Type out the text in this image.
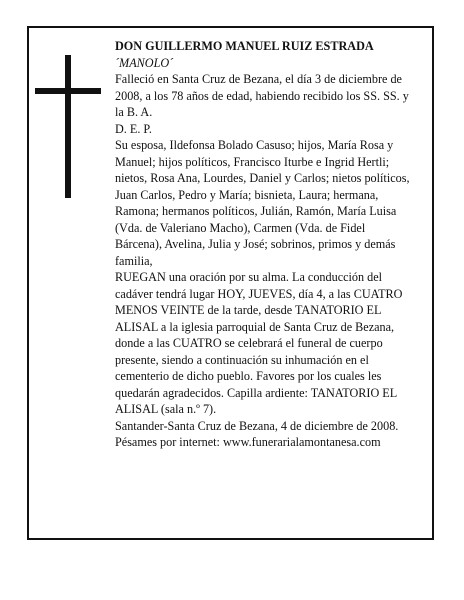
DON GUILLERMO MANUEL RUIZ ESTRADA

´MANOLO´

Falleció en Santa Cruz de Bezana, el día 3 de diciembre de 2008, a los 78 años de edad, habiendo recibido los SS. SS. y la B. A.

D. E. P.

Su esposa, Ildefonsa Bolado Casuso; hijos, María Rosa y Manuel; hijos políticos, Francisco Iturbe e Ingrid Hertli; nietos, Rosa Ana, Lourdes, Daniel y Carlos; nietos políticos, Juan Carlos, Pedro y María; bisnieta, Laura; hermana, Ramona; hermanos políticos, Julián, Ramón, María Luisa (Vda. de Valeriano Macho), Carmen (Vda. de Fidel Bárcena), Avelina, Julia y José; sobrinos, primos y demás familia,

RUEGAN una oración por su alma. La conducción del cadáver tendrá lugar HOY, JUEVES, día 4, a las CUATRO MENOS VEINTE de la tarde, desde TANATORIO EL ALISAL a la iglesia parroquial de Santa Cruz de Bezana, donde a las CUATRO se celebrará el funeral de cuerpo presente, siendo a continuación su inhumación en el cementerio de dicho pueblo. Favores por los cuales les quedarán agradecidos. Capilla ardiente: TANATORIO EL ALISAL (sala n.º 7).

Santander-Santa Cruz de Bezana, 4 de diciembre de 2008.

Pésames por internet: www.funerarialamontanesa.com
